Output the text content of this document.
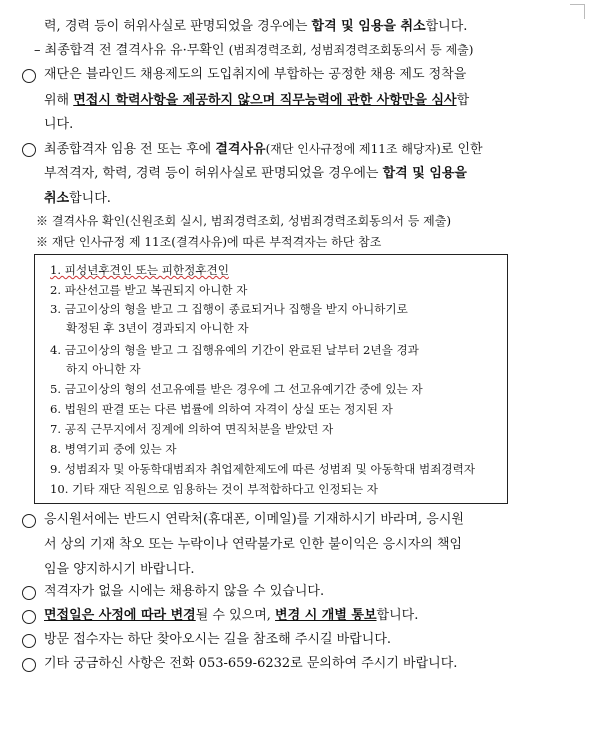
력, 경력 등이 허위사실로 판명되었을 경우에는 합격 및 임용을 취소합니다.
– 최종합격 전 결격사유 유·무확인 (범죄경력조회, 성범죄경력조회동의서 등 제출)
재단은 블라인드 채용제도의 도입취지에 부합하는 공정한 채용 제도 정착을
위해 면접시 학력사항을 제공하지 않으며 직무능력에 관한 사항만을 심사합
니다.
최종합격자 임용 전 또는 후에 결격사유(재단 인사규정에 제11조 해당자)로 인한
부적격자, 학력, 경력 등이 허위사실로 판명되었을 경우에는 합격 및 임용을
취소합니다.
※ 결격사유 확인(신원조회 실시, 범죄경력조회, 성범죄경력조회동의서 등 제출)
※ 재단 인사규정 제 11조(결격사유)에 따른 부적격자는 하단 참조
1. 피성년후견인 또는 피한정후견인
2. 파산선고를 받고 복권되지 아니한 자
3. 금고이상의 형을 받고 그 집행이 종료되거나 집행을 받지 아니하기로
확정된 후 3년이 경과되지 아니한 자
4. 금고이상의 형을 받고 그 집행유예의 기간이 완료된 날부터 2년을 경과
하지 아니한 자
5. 금고이상의 형의 선고유예를 받은 경우에 그 선고유예기간 중에 있는 자
6. 법원의 판결 또는 다른 법률에 의하여 자격이 상실 또는 정지된 자
7. 공직 근무지에서 징계에 의하여 면직처분을 받았던 자
8. 병역기피 중에 있는 자
9. 성범죄자 및 아동학대범죄자 취업제한제도에 따른 성범죄 및 아동학대 범죄경력자
10. 기타 재단 직원으로 임용하는 것이 부적합하다고 인정되는 자
응시원서에는 반드시 연락처(휴대폰, 이메일)를 기재하시기 바라며, 응시원
서 상의 기재 착오 또는 누락이나 연락불가로 인한 불이익은 응시자의 책임
임을 양지하시기 바랍니다.
적격자가 없을 시에는 채용하지 않을 수 있습니다.
면접일은 사정에 따라 변경될 수 있으며, 변경 시 개별 통보합니다.
방문 접수자는 하단 찾아오시는 길을 참조해 주시길 바랍니다.
기타 궁금하신 사항은 전화 053-659-6232로 문의하여 주시기 바랍니다.
